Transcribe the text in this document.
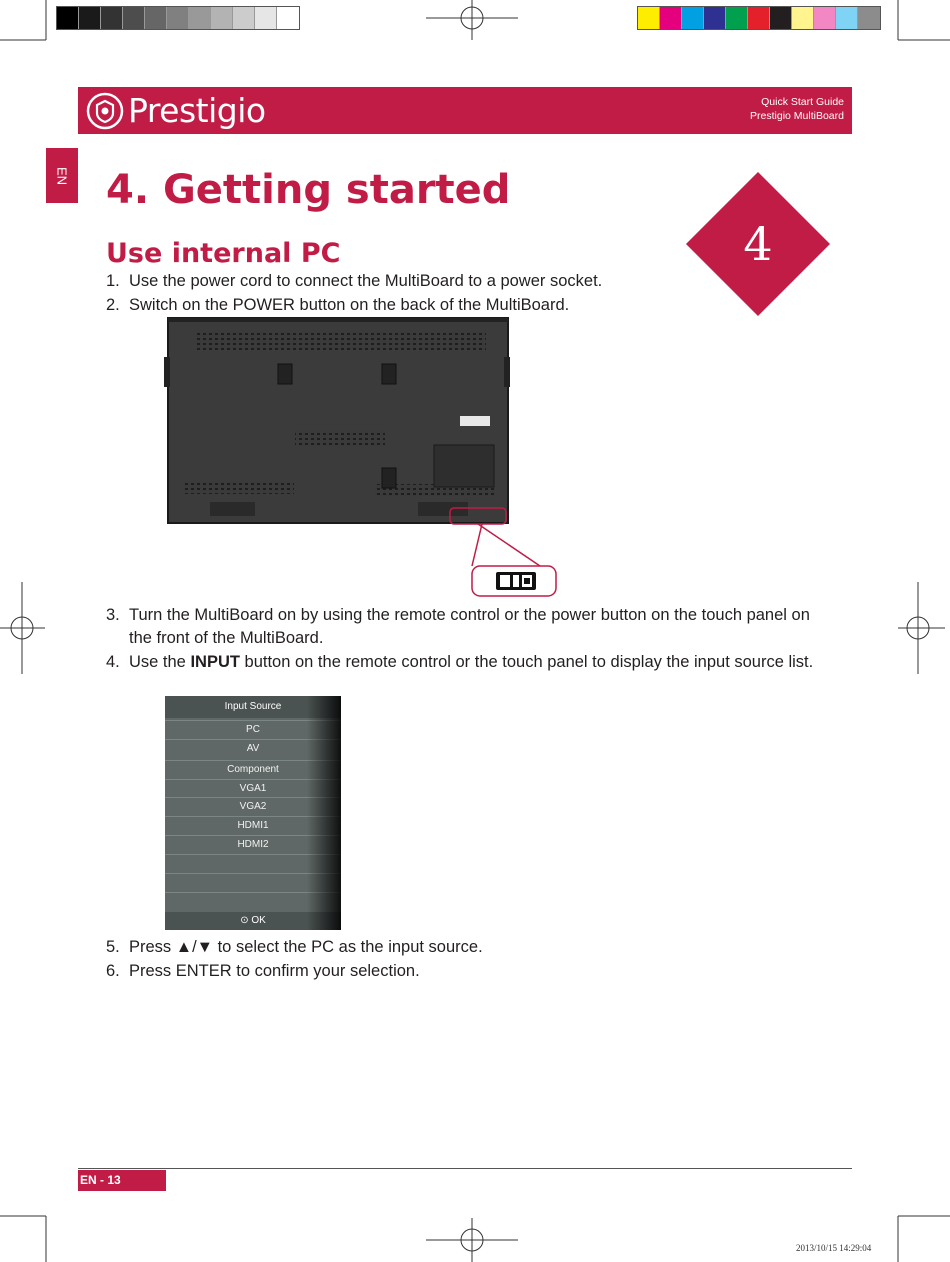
Prestigio	Quick Start Guide
Prestigio MultiBoard
EN
4
4. Getting started
Use internal PC
1. Use the power cord to connect the MultiBoard to a power socket.
2. Switch on the POWER button on the back of the MultiBoard.
3. Turn the MultiBoard on by using the remote control or the power button on the touch panel on the front of the MultiBoard.
4. Use the INPUT button on the remote control or the touch panel to display the input source list.
Input Source
PC
AV
Component
VGA1
VGA2
HDMI1
HDMI2
⊙ OK
5. Press ▲/▼ to select the PC as the input source.
6. Press ENTER to confirm your selection.
EN - 13
2013/10/15 14:29:04
